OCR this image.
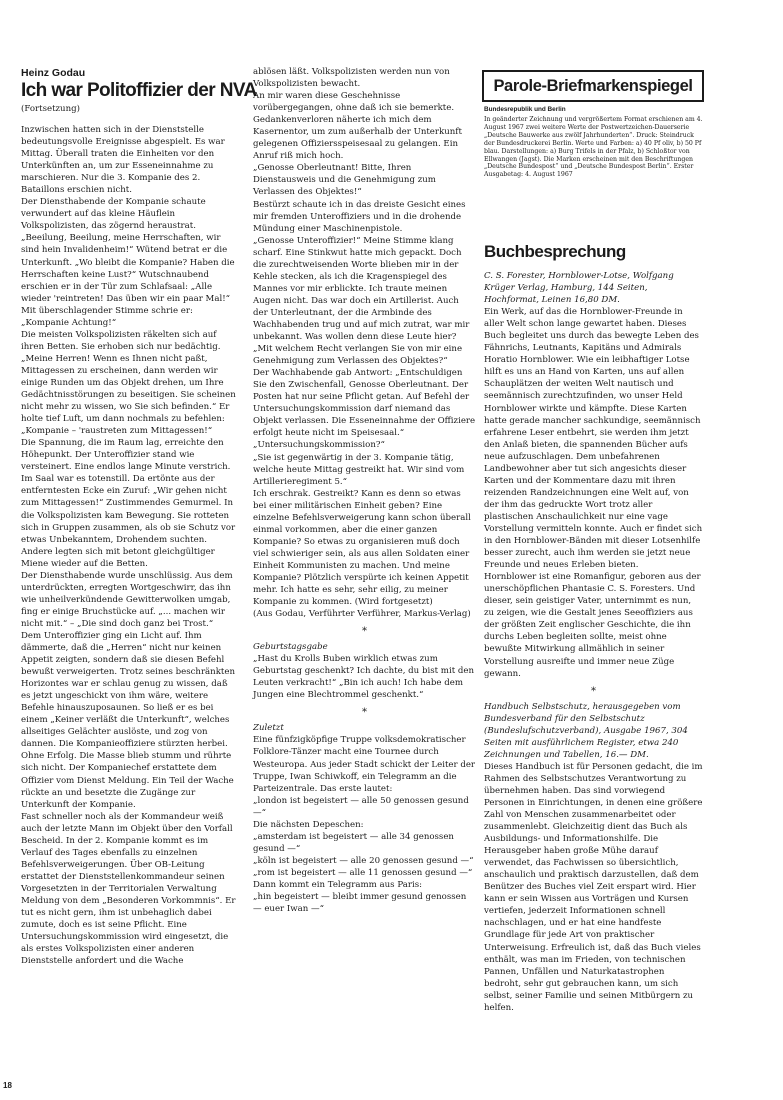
Heinz Godau
Ich war Politoffizier der NVA
(Fortsetzung)

Inzwischen hatten sich in der Dienststelle bedeutungsvolle Ereignisse abgespielt. Es war Mittag. Überall traten die Einheiten vor den Unterkünften an, um zur Esseneinnahme zu marschieren. Nur die 3. Kompanie des 2. Bataillons erschien nicht.

Der Diensthabende der Kompanie schaute verwundert auf das kleine Häuflein Volkspolizisten, das zögernd heraustrat. „Beeilung, Beeilung, meine Herrschaften, wir sind hein Invalidenheim!“ Wütend betrat er die Unterkunft. „Wo bleibt die Kompanie? Haben die Herrschaften keine Lust?“ Wutschnaubend erschien er in der Tür zum Schlafsaal: „Alle wieder 'reintreten! Das üben wir ein paar Mal!“ Mit überschlagender Stimme schrie er: „Kompanie Achtung!“

Die meisten Volkspolizisten räkelten sich auf ihren Betten. Sie erhoben sich nur bedächtig. „Meine Herren! Wenn es Ihnen nicht paßt, Mittagessen zu erscheinen, dann werden wir einige Runden um das Objekt drehen, um Ihre Gedächtnisstörungen zu beseitigen. Sie scheinen nicht mehr zu wissen, wo Sie sich befinden.“ Er holte tief Luft, um dann nochmals zu befehlen: „Kompanie – 'raustreten zum Mittagessen!“

Die Spannung, die im Raum lag, erreichte den Höhepunkt. Der Unteroffizier stand wie versteinert. Eine endlos lange Minute verstrich. Im Saal war es totenstill. Da ertönte aus der entferntesten Ecke ein Zuruf: „Wir gehen nicht zum Mittagessen!“ Zustimmendes Gemurmel. In die Volkspolizisten kam Bewegung. Sie rotteten sich in Gruppen zusammen, als ob sie Schutz vor etwas Unbekanntem, Drohendem suchten. Andere legten sich mit betont gleichgültiger Miene wieder auf die Betten.

Der Diensthabende wurde unschlüssig. Aus dem unterdrückten, erregten Wortgeschwirr, das ihn wie unheilverkündende Gewitterwolken umgab, fing er einige Bruchstücke auf. „... machen wir nicht mit.“ – „Die sind doch ganz bei Trost.“

Dem Unteroffizier ging ein Licht auf. Ihm dämmerte, daß die „Herren“ nicht nur keinen Appetit zeigten, sondern daß sie diesen Befehl bewußt verweigerten. Trotz seines beschränkten Horizontes war er schlau genug zu wissen, daß es jetzt ungeschickt von ihm wäre, weitere Befehle hinauszuposaunen. So ließ er es bei einem „Keiner verläßt die Unterkunft“, welches allseitiges Gelächter auslöste, und zog von dannen. Die Kompanieoffiziere stürzten herbei. Ohne Erfolg. Die Masse blieb stumm und rührte sich nicht. Der Kompaniechef erstattete dem Offizier vom Dienst Meldung. Ein Teil der Wache rückte an und besetzte die Zugänge zur Unterkunft der Kompanie.

Fast schneller noch als der Kommandeur weiß auch der letzte Mann im Objekt über den Vorfall Bescheid. In der 2. Kompanie kommt es im Verlauf des Tages ebenfalls zu einzelnen Befehlsverweigerungen. Über OB-Leitung erstattet der Dienststellenkommandeur seinen Vorgesetzten in der Territorialen Verwaltung Meldung von dem „Besonderen Vorkommnis“. Er tut es nicht gern, ihm ist unbehaglich dabei zumute, doch es ist seine Pflicht. Eine Untersuchungskommission wird eingesetzt, die als erstes Volkspolizisten einer anderen Dienststelle anfordert und die Wache

ablösen läßt. Volkspolizisten werden nun von Volkspolizisten bewacht.

An mir waren diese Geschehnisse vorübergegangen, ohne daß ich sie bemerkte. Gedankenverloren näherte ich mich dem Kasernentor, um zum außerhalb der Unterkunft gelegenen Offiziersspeisesaal zu gelangen. Ein Anruf riß mich hoch.

„Genosse Oberleutnant! Bitte, Ihren Dienstausweis und die Genehmigung zum Verlassen des Objektes!“

Bestürzt schaute ich in das dreiste Gesicht eines mir fremden Unteroffiziers und in die drohende Mündung einer Maschinenpistole.

„Genosse Unteroffizier!“ Meine Stimme klang scharf. Eine Stinkwut hatte mich gepackt. Doch die zurechtweisenden Worte blieben mir in der Kehle stecken, als ich die Kragenspiegel des Mannes vor mir erblickte. Ich traute meinen Augen nicht. Das war doch ein Artillerist. Auch der Unterleutnant, der die Armbinde des Wachhabenden trug und auf mich zutrat, war mir unbekannt. Was wollen denn diese Leute hier?

„Mit welchem Recht verlangen Sie von mir eine Genehmigung zum Verlassen des Objektes?“

Der Wachhabende gab Antwort: „Entschuldigen Sie den Zwischenfall, Genosse Oberleutnant. Der Posten hat nur seine Pflicht getan. Auf Befehl der Untersuchungskommission darf niemand das Objekt verlassen. Die Esseneinnahme der Offiziere erfolgt heute nicht im Speisesaal.“

„Untersuchungskommission?“

„Sie ist gegenwärtig in der 3. Kompanie tätig, welche heute Mittag gestreikt hat. Wir sind vom Artillerieregiment 5.“

Ich erschrak. Gestreikt? Kann es denn so etwas bei einer militärischen Einheit geben? Eine einzelne Befehlsverweigerung kann schon überall einmal vorkommen, aber die einer ganzen Kompanie? So etwas zu organisieren muß doch viel schwieriger sein, als aus allen Soldaten einer Einheit Kommunisten zu machen. Und meine Kompanie? Plötzlich verspürte ich keinen Appetit mehr. Ich hatte es sehr, sehr eilig, zu meiner Kompanie zu kommen. (Wird fortgesetzt)

(Aus Godau, Verführter Verführer, Markus-Verlag)

*

Geburtstagsgabe

„Hast du Krolls Buben wirklich etwas zum Geburtstag geschenkt? Ich dachte, du bist mit den Leuten verkracht!“ „Bin ich auch! Ich habe dem Jungen eine Blechtrommel geschenkt.“

*

Zuletzt

Eine fünfzigköpfige Truppe volksdemokratischer Folklore-Tänzer macht eine Tournee durch Westeuropa. Aus jeder Stadt schickt der Leiter der Truppe, Iwan Schiwkoff, ein Telegramm an die Parteizentrale. Das erste lautet:

„london ist begeistert — alle 50 genossen gesund —“

Die nächsten Depeschen:

„amsterdam ist begeistert — alle 34 genossen gesund —“

„köln ist begeistert — alle 20 genossen gesund —“

„rom ist begeistert — alle 11 genossen gesund —“

Dann kommt ein Telegramm aus Paris:

„hin begeistert — bleibt immer gesund genossen — euer Iwan —“

Parole-Briefmarkenspiegel
Bundesrepublik und Berlin

In geänderter Zeichnung und vergrößertem Format erschienen am 4. August 1967 zwei weitere Werte der Postwertzeichen-Dauerserie „Deutsche Bauwerke aus zwölf Jahrhunderten“. Druck: Steindruck der Bundesdruckerei Berlin. Werte und Farben: a) 40 Pf oliv, b) 50 Pf blau. Darstellungen: a) Burg Trifels in der Pfalz, b) Schloßtor von Ellwangen (Jagst). Die Marken erscheinen mit den Beschriftungen „Deutsche Bundespost“ und „Deutsche Bundespost Berlin“. Erster Ausgabetag: 4. August 1967

Buchbesprechung

C. S. Forester, Hornblower-Lotse, Wolfgang Krüger Verlag, Hamburg, 144 Seiten, Hochformat, Leinen 16,80 DM.

Ein Werk, auf das die Hornblower-Freunde in aller Welt schon lange gewartet haben. Dieses Buch begleitet uns durch das bewegte Leben des Fähnrichs, Leutnants, Kapitäns und Admirals Horatio Hornblower. Wie ein leibhaftiger Lotse hilft es uns an Hand von Karten, uns auf allen Schauplätzen der weiten Welt nautisch und seemännisch zurechtzufinden, wo unser Held Hornblower wirkte und kämpfte. Diese Karten hatte gerade mancher sachkundige, seemännisch erfahrene Leser entbehrt, sie werden ihm jetzt den Anlaß bieten, die spannenden Bücher aufs neue aufzuschlagen. Dem unbefahrenen Landbewohner aber tut sich angesichts dieser Karten und der Kommentare dazu mit ihren reizenden Randzeichnungen eine Welt auf, von der ihm das gedruckte Wort trotz aller plastischen Anschaulichkeit nur eine vage Vorstellung vermitteln konnte. Auch er findet sich in den Hornblower-Bänden mit dieser Lotsenhilfe besser zurecht, auch ihm werden sie jetzt neue Freunde und neues Erleben bieten.

Hornblower ist eine Romanfigur, geboren aus der unerschöpflichen Phantasie C. S. Foresters. Und dieser, sein geistiger Vater, unternimmt es nun, zu zeigen, wie die Gestalt jenes Seeoffiziers aus der größten Zeit englischer Geschichte, die ihn durchs Leben begleiten sollte, meist ohne bewußte Mitwirkung allmählich in seiner Vorstellung ausreifte und immer neue Züge gewann.

*

Handbuch Selbstschutz, herausgegeben vom Bundesverband für den Selbstschutz (Bundeslufschutzverband), Ausgabe 1967, 304 Seiten mit ausführlichem Register, etwa 240 Zeichnungen und Tabellen, 16.— DM.

Dieses Handbuch ist für Personen gedacht, die im Rahmen des Selbstschutzes Verantwortung zu übernehmen haben. Das sind vorwiegend Personen in Einrichtungen, in denen eine größere Zahl von Menschen zusammenarbeitet oder zusammenlebt. Gleichzeitig dient das Buch als Ausbildungs- und Informationshilfe. Die Herausgeber haben große Mühe darauf verwendet, das Fachwissen so übersichtlich, anschaulich und praktisch darzustellen, daß dem Benützer des Buches viel Zeit erspart wird. Hier kann er sein Wissen aus Vorträgen und Kursen vertiefen, jederzeit Informationen schnell nachschlagen, und er hat eine handfeste Grundlage für jede Art von praktischer Unterweisung. Erfreulich ist, daß das Buch vieles enthält, was man im Frieden, von technischen Pannen, Unfällen und Naturkatastrophen bedroht, sehr gut gebrauchen kann, um sich selbst, seiner Familie und seinen Mitbürgern zu helfen.

18
